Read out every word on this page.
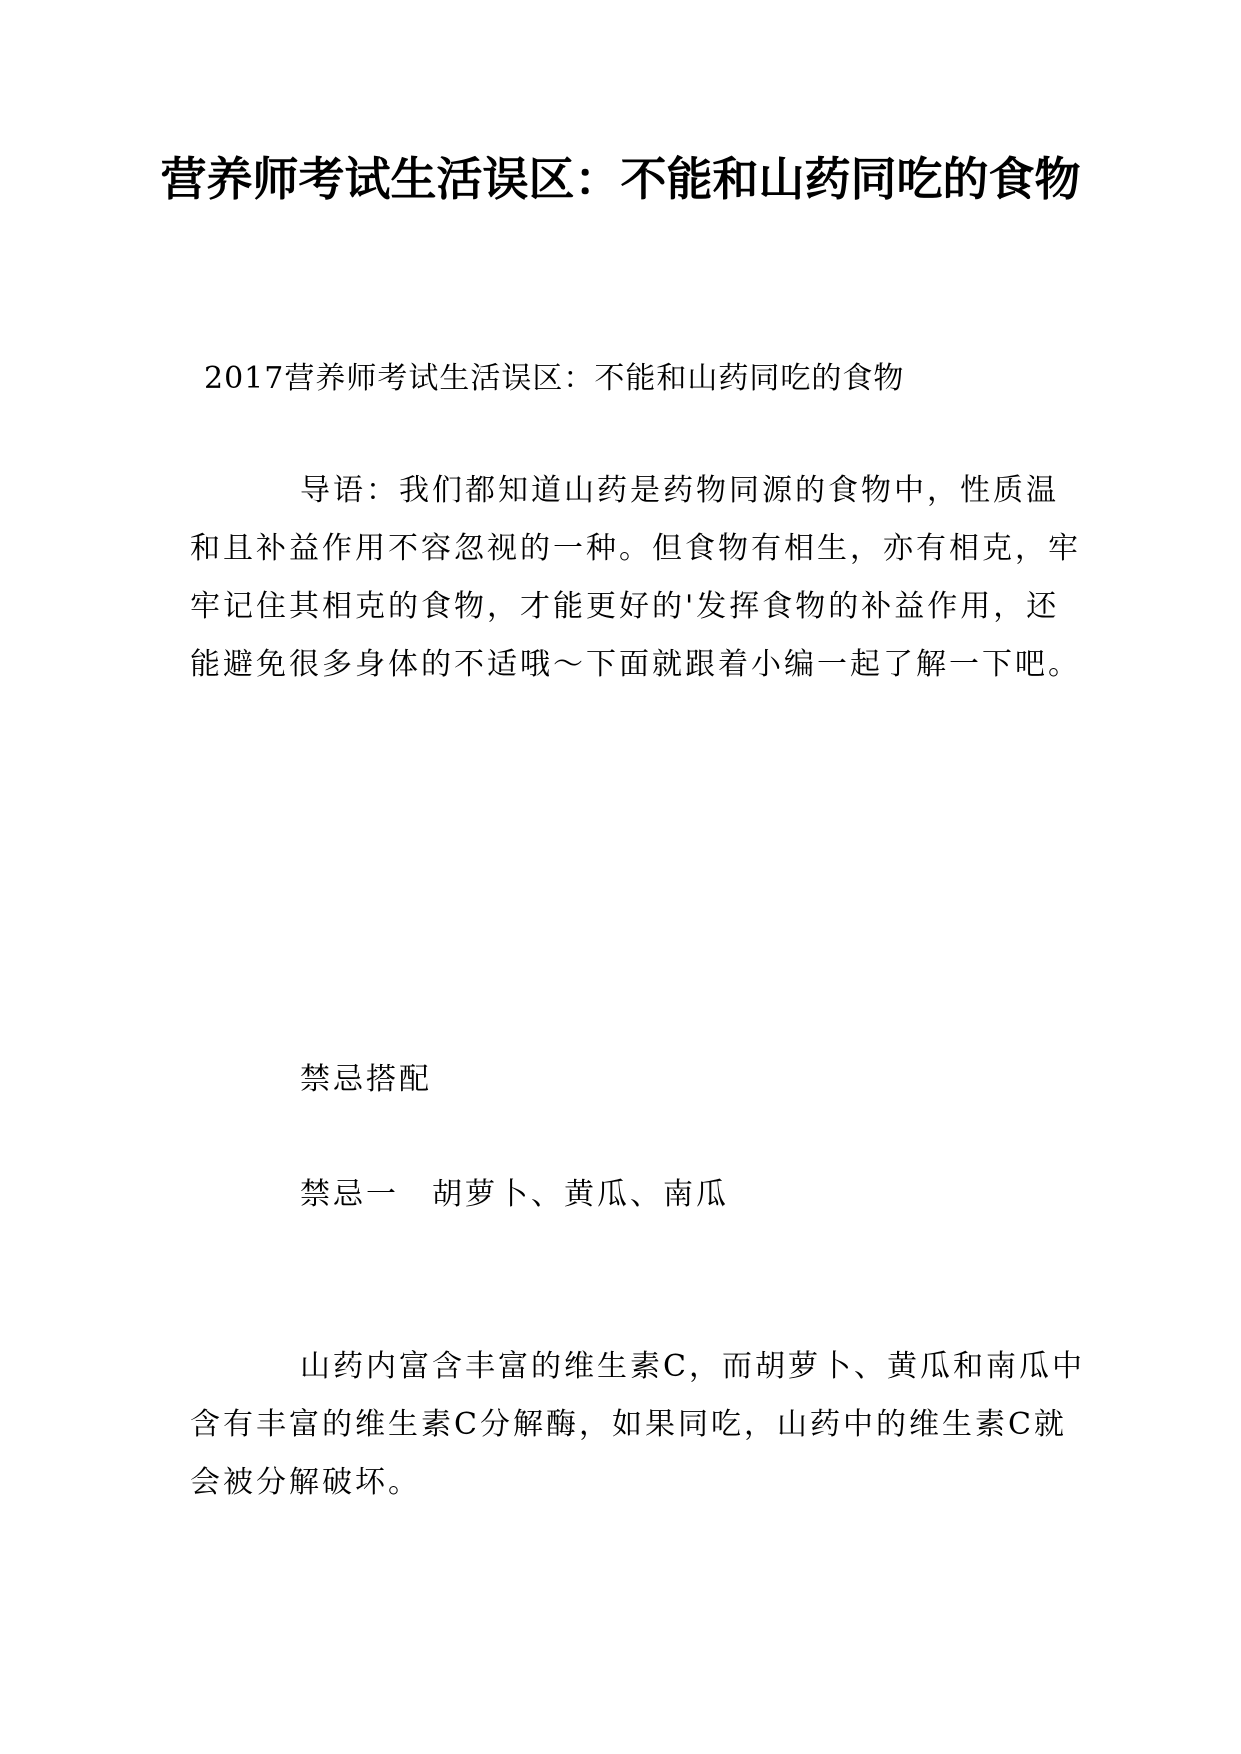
营养师考试生活误区：不能和山药同吃的食物

2017营养师考试生活误区：不能和山药同吃的食物

导语：我们都知道山药是药物同源的食物中，性质温和且补益作用不容忽视的一种。但食物有相生，亦有相克，牢牢记住其相克的食物，才能更好的'发挥食物的补益作用，还能避免很多身体的不适哦～下面就跟着小编一起了解一下吧。

禁忌搭配

禁忌一　胡萝卜、黄瓜、南瓜

山药内富含丰富的维生素C，而胡萝卜、黄瓜和南瓜中含有丰富的维生素C分解酶，如果同吃，山药中的维生素C就会被分解破坏。
